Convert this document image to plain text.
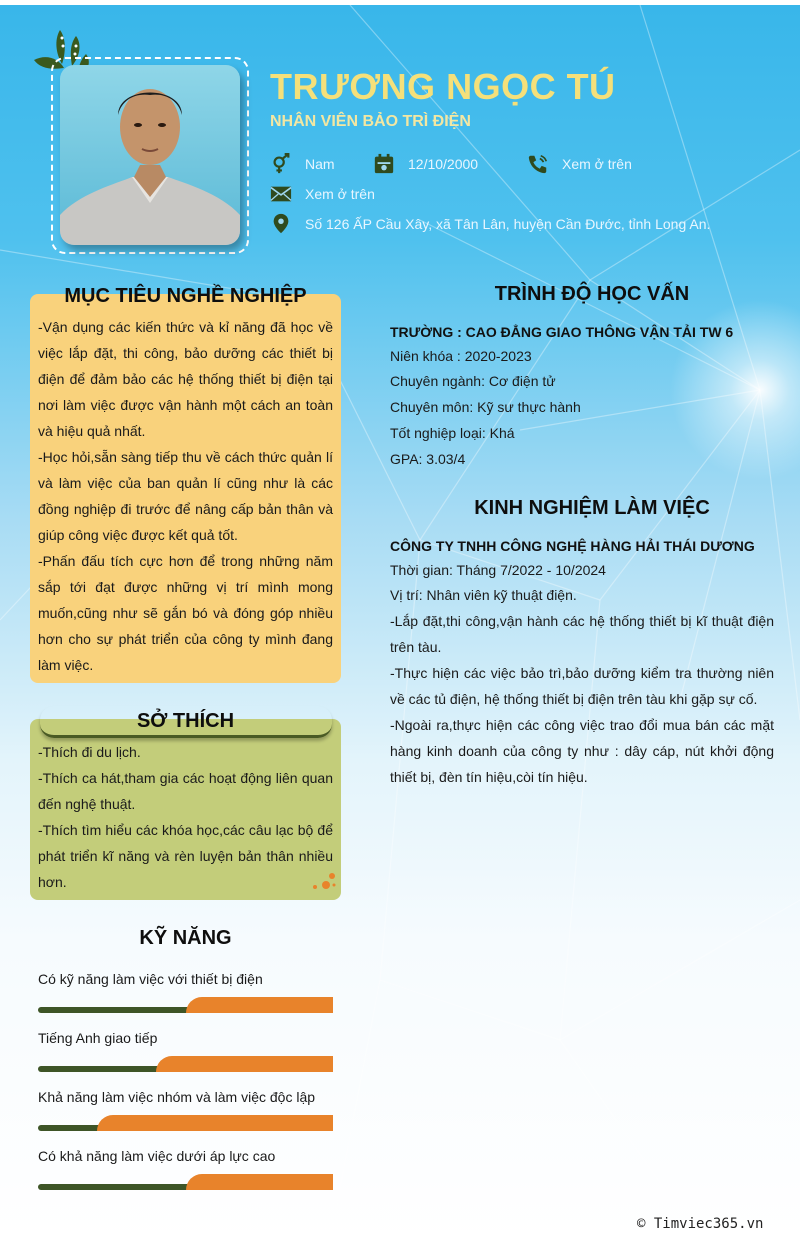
TRƯƠNG NGỌC TÚ
NHÂN VIÊN BẢO TRÌ ĐIỆN
Nam	12/10/2000	Xem ở trên
Xem ở trên
Số 126 ẤP Cầu Xây, xã Tân Lân, huyện Cần Đước, tỉnh Long An.
MỤC TIÊU NGHỀ NGHIỆP
-Vận dụng các kiến thức và kỉ năng đã học về việc lắp đặt, thi công, bảo dưỡng các thiết bị điện để đảm bảo các hệ thống thiết bị điện tại nơi làm việc được vận hành một cách an toàn và hiệu quả nhất.
-Học hỏi,sẵn sàng tiếp thu về cách thức quản lí và làm việc của ban quản lí cũng như là các đồng nghiệp đi trước để nâng cấp bản thân và giúp công việc được kết quả tốt.
-Phấn đấu tích cực hơn để trong những năm sắp tới đạt được những vị trí mình mong muốn,cũng như sẽ gắn bó và đóng góp nhiều hơn cho sự phát triển của công ty mình đang làm việc.
SỞ THÍCH
-Thích đi du lịch.
-Thích ca hát,tham gia các hoạt động liên quan đến nghệ thuật.
-Thích tìm hiểu các khóa học,các câu lạc bộ để phát triển kĩ năng và rèn luyện bản thân nhiều hơn.
KỸ NĂNG
Có kỹ năng làm việc với thiết bị điện
Tiếng Anh giao tiếp
Khả năng làm việc nhóm và làm việc độc lập
Có khả năng làm việc dưới áp lực cao
TRÌNH ĐỘ HỌC VẤN
TRƯỜNG : CAO ĐẲNG GIAO THÔNG VẬN TẢI TW 6
Niên khóa : 2020-2023
Chuyên ngành: Cơ điện tử
Chuyên môn: Kỹ sư thực hành
Tốt nghiệp loại: Khá
GPA: 3.03/4
KINH NGHIỆM LÀM VIỆC
CÔNG TY TNHH CÔNG NGHỆ HÀNG HẢI THÁI DƯƠNG
Thời gian: Tháng 7/2022 - 10/2024
Vị trí: Nhân viên kỹ thuật điện.
-Lắp đặt,thi công,vận hành các hệ thống thiết bị kĩ thuật điện trên tàu.
-Thực hiện các việc bảo trì,bảo dưỡng kiểm tra thường niên về các tủ điện, hệ thống thiết bị điện trên tàu khi gặp sự cố.
-Ngoài ra,thực hiện các công việc trao đổi mua bán các mặt hàng kinh doanh của công ty như : dây cáp, nút khởi động thiết bị, đèn tín hiệu,còi tín hiệu.
© Timviec365.vn
